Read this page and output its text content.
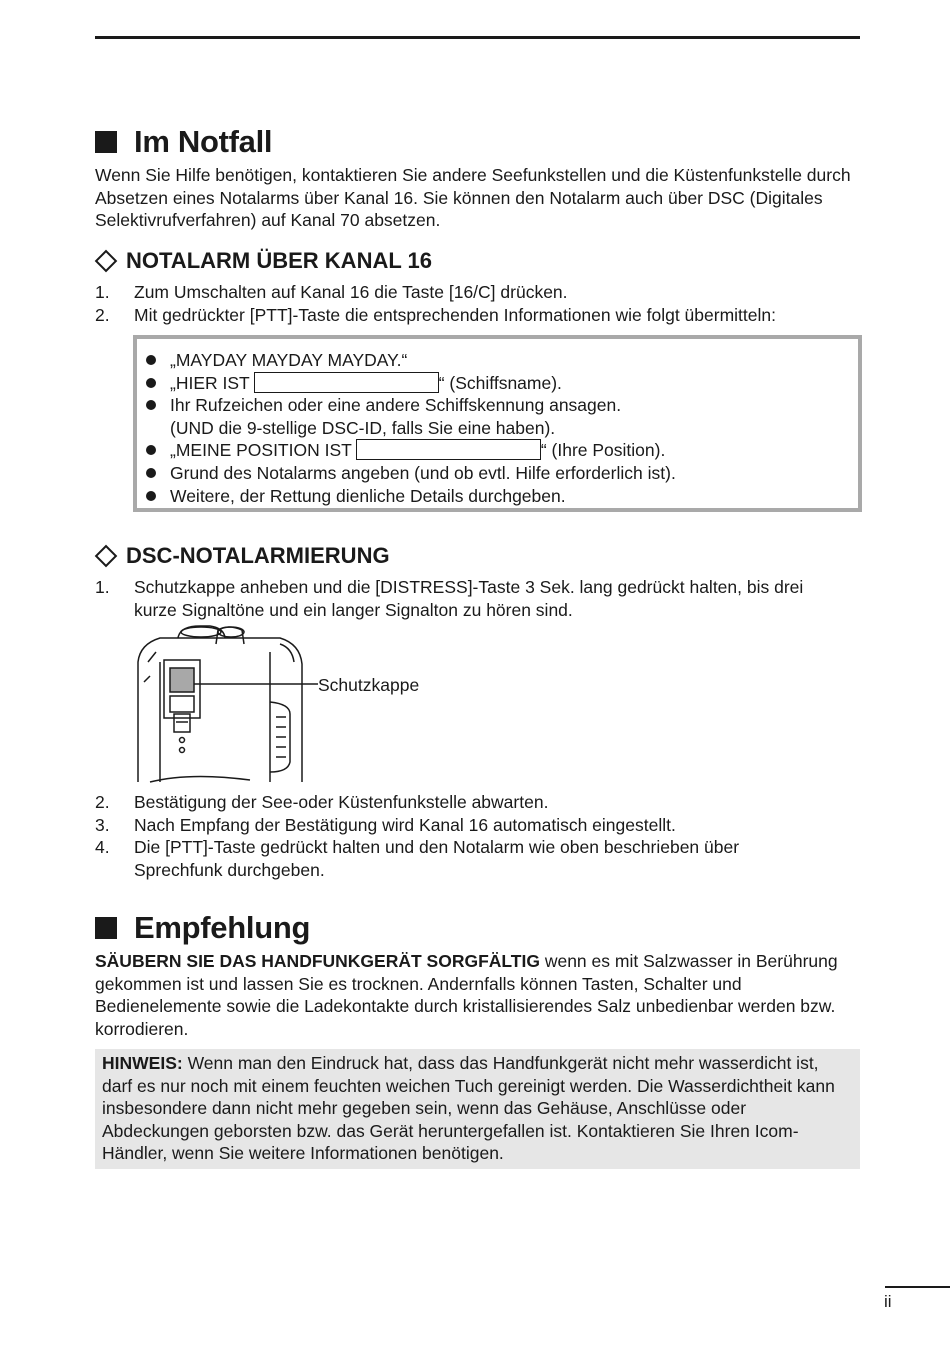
Im Notfall
Wenn Sie Hilfe benötigen, kontaktieren Sie andere Seefunkstellen und die Küstenfunkstelle durch Absetzen eines Notalarms über Kanal 16. Sie können den Notalarm auch über DSC (Digitales Selektivrufverfahren) auf Kanal 70 absetzen.
NOTALARM ÜBER KANAL 16
1.	Zum Umschalten auf Kanal 16 die Taste [16/C] drücken.
2.	Mit gedrückter [PTT]-Taste die entsprechenden Informationen wie folgt übermitteln:
„MAYDAY MAYDAY MAYDAY.“
„HIER IST	“ (Schiffsname).
Ihr Rufzeichen oder eine andere Schiffskennung ansagen.
(UND die 9-stellige DSC-ID, falls Sie eine haben).
„MEINE POSITION IST	“ (Ihre Position).
Grund des Notalarms angeben (und ob evtl. Hilfe erforderlich ist).
Weitere, der Rettung dienliche Details durchgeben.
DSC-NOTALARMIERUNG
1.	Schutzkappe anheben und die [DISTRESS]-Taste 3 Sek. lang gedrückt halten, bis drei kurze Signaltöne und ein langer Signalton zu hören sind.
Schutzkappe
2.	Bestätigung der See-oder Küstenfunkstelle abwarten.
3.	Nach Empfang der Bestätigung wird Kanal 16 automatisch eingestellt.
4.	Die [PTT]-Taste gedrückt halten und den Notalarm wie oben beschrieben über Sprechfunk durchgeben.
Empfehlung
SÄUBERN SIE DAS HANDFUNKGERÄT SORGFÄLTIG wenn es mit Salzwasser in Berührung gekommen ist und lassen Sie es trocknen. Andernfalls können Tasten, Schalter und Bedienelemente sowie die Ladekontakte durch kristallisierendes Salz unbedienbar werden bzw. korrodieren.
HINWEIS: Wenn man den Eindruck hat, dass das Handfunkgerät nicht mehr wasserdicht ist, darf es nur noch mit einem feuchten weichen Tuch gereinigt werden. Die Wasserdichtheit kann insbesondere dann nicht mehr gegeben sein, wenn das Gehäuse, Anschlüsse oder Abdeckungen geborsten bzw. das Gerät heruntergefallen ist. Kontaktieren Sie Ihren Icom-Händler, wenn Sie weitere Informationen benötigen.
ii
